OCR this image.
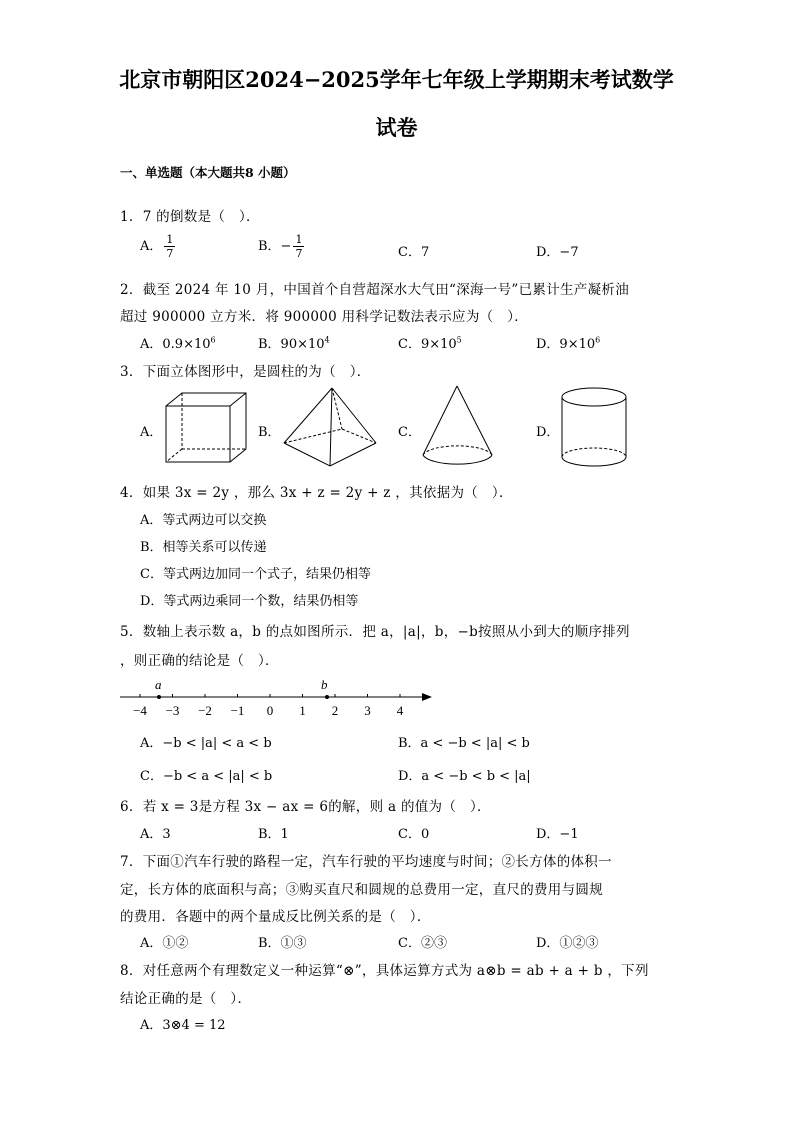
北京市朝阳区2024−2025学年七年级上学期期末考试数学
试卷
一、单选题（本大题共8 小题）
1．7 的倒数是（　）．
A． $\frac{1}{7}$	B．− $\frac{1}{7}$	C．7	D．−7
2．截至 2024 年 10 月，中国首个自营超深水大气田“深海一号”已累计生产凝析油
超过 900000 立方米．将 900000 用科学记数法表示应为（　）．
A．$0.9\times 10^6$	B．$90\times 10^4$	C．$9\times 10^5$	D．$9\times 10^6$
3．下面立体图形中，是圆柱的为（　）．
A．	B．	C．	D．
4．如果 3x = 2y ，那么 3x + z = 2y + z ，其依据为（　）．
A．等式两边可以交换
B．相等关系可以传递
C．等式两边加同一个式子，结果仍相等
D．等式两边乘同一个数，结果仍相等
5．数轴上表示数 a，b 的点如图所示．把 a，|a|，b，−b按照从小到大的顺序排列
，则正确的结论是（　）．
−4 −3 −2 −1 0 1 2 3 4
a	b
A．−b < |a| < a < b	B．a < −b < |a| < b
C．−b < a < |a| < b	D．a < −b < b < |a|
6．若 x = 3是方程 3x − ax = 6的解，则 a 的值为（　）．
A．3	B．1	C．0	D．−1
7．下面①汽车行驶的路程一定，汽车行驶的平均速度与时间；②长方体的体积一
定，长方体的底面积与高；③购买直尺和圆规的总费用一定，直尺的费用与圆规
的费用．各题中的两个量成反比例关系的是（　）．
A．①②	B．①③	C．②③	D．①②③
8．对任意两个有理数定义一种运算“⊗”，具体运算方式为 a⊗b = ab + a + b ，下列
结论正确的是（　）．
A．3⊗4 = 12
